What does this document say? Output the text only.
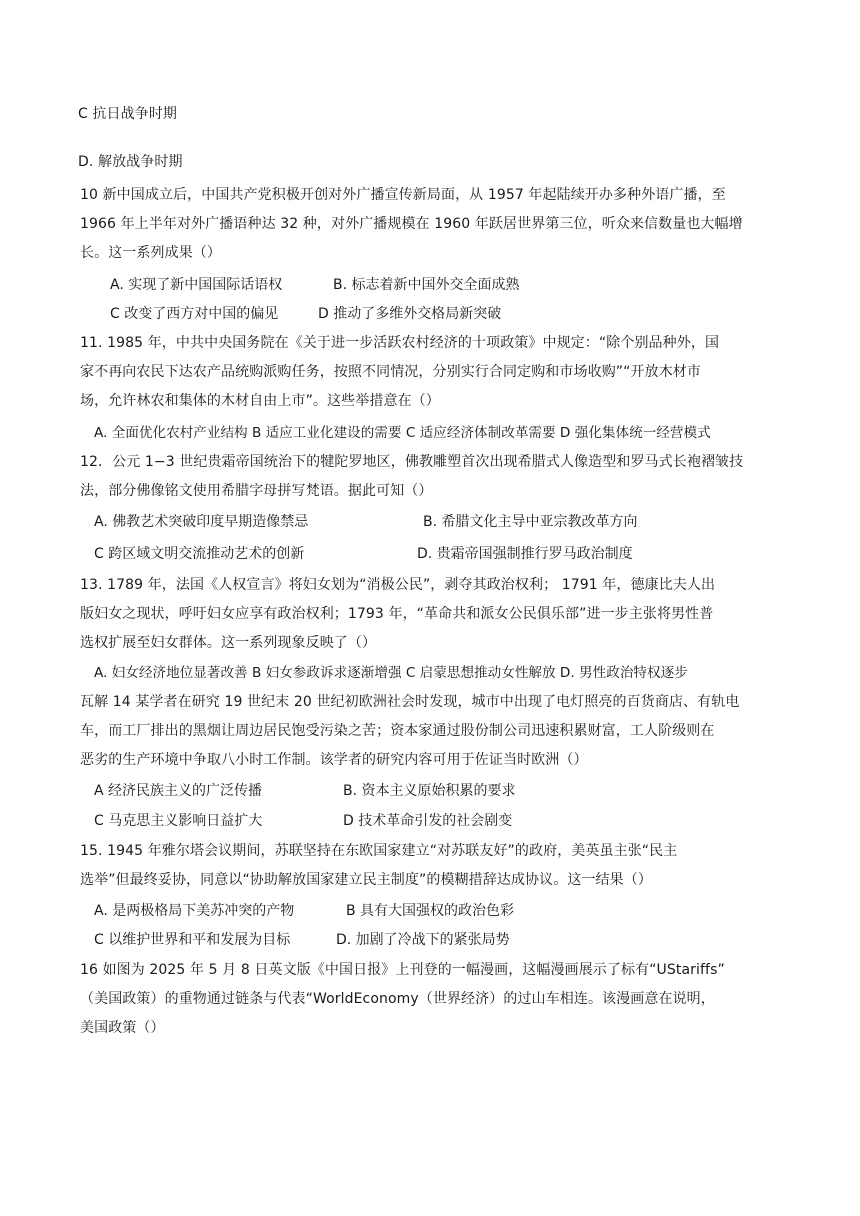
C 抗日战争时期
D. 解放战争时期
10 新中国成立后，中国共产党积极开创对外广播宣传新局面，从 1957 年起陆续开办多种外语广播，至
1966 年上半年对外广播语种达 32 种，对外广播规模在 1960 年跃居世界第三位，听众来信数量也大幅增
长。这一系列成果（）
A. 实现了新中国国际话语权	B. 标志着新中国外交全面成熟
C 改变了西方对中国的偏见	D 推动了多维外交格局新突破
11. 1985 年，中共中央国务院在《关于进一步活跃农村经济的十项政策》中规定：“除个别品种外，国
家不再向农民下达农产品统购派购任务，按照不同情况，分别实行合同定购和市场收购”“开放木材市
场，允许林农和集体的木材自由上市”。这些举措意在（）
A. 全面优化农村产业结构 B 适应工业化建设的需要 C 适应经济体制改革需要 D 强化集体统一经营模式
12．公元 1−3 世纪贵霜帝国统治下的犍陀罗地区，佛教雕塑首次出现希腊式人像造型和罗马式长袍褶皱技
法，部分佛像铭文使用希腊字母拼写梵语。据此可知（）
A. 佛教艺术突破印度早期造像禁忌	B. 希腊文化主导中亚宗教改革方向
C 跨区域文明交流推动艺术的创新	D. 贵霜帝国强制推行罗马政治制度
13. 1789 年，法国《人权宣言》将妇女划为“消极公民”，剥夺其政治权利； 1791 年，德康比夫人出
版妇女之现状，呼吁妇女应享有政治权利；1793 年，“革命共和派女公民俱乐部”进一步主张将男性普
选权扩展至妇女群体。这一系列现象反映了（）
A. 妇女经济地位显著改善 B 妇女参政诉求逐渐增强 C 启蒙思想推动女性解放 D. 男性政治特权逐步
瓦解 14 某学者在研究 19 世纪末 20 世纪初欧洲社会时发现，城市中出现了电灯照亮的百货商店、有轨电
车，而工厂排出的黑烟让周边居民饱受污染之苦；资本家通过股份制公司迅速积累财富，工人阶级则在
恶劣的生产环境中争取八小时工作制。该学者的研究内容可用于佐证当时欧洲（）
A 经济民族主义的广泛传播	B. 资本主义原始积累的要求
C 马克思主义影响日益扩大	D 技术革命引发的社会剧变
15. 1945 年雅尔塔会议期间，苏联坚持在东欧国家建立“对苏联友好”的政府，美英虽主张“民主
选举”但最终妥协，同意以“协助解放国家建立民主制度”的模糊措辞达成协议。这一结果（）
A. 是两极格局下美苏冲突的产物	B 具有大国强权的政治色彩
C 以维护世界和平和发展为目标	D. 加剧了冷战下的紧张局势
16 如图为 2025 年 5 月 8 日英文版《中国日报》上刊登的一幅漫画，这幅漫画展示了标有“UStariffs”
（美国政策）的重物通过链条与代表“WorldEconomy（世界经济）的过山车相连。该漫画意在说明，
美国政策（）
